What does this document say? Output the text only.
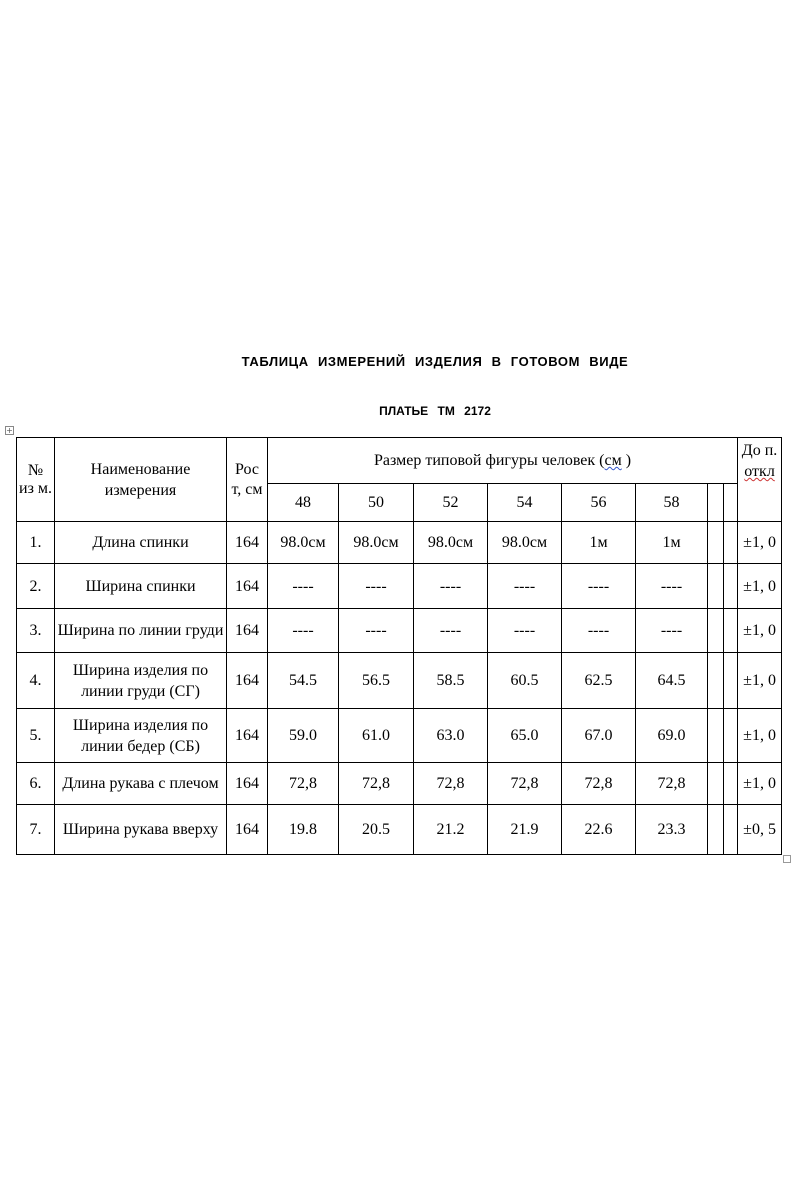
ТАБЛИЦА ИЗМЕРЕНИЙ ИЗДЕЛИЯ В ГОТОВОМ ВИДЕ
ПЛАТЬЕ ТМ 2172
+
№ из м.	Наименование измерения	Рос т, см	Размер типовой фигуры человек (см )								До п.
откл
			48	50	52	54	56	58			
1.	Длина спинки	164	98.0см	98.0см	98.0см	98.0см	1м	1м			±1, 0
2.	Ширина спинки	164	----	----	----	----	----	----			±1, 0
3.	Ширина по линии груди	164	----	----	----	----	----	----			±1, 0
4.	Ширина изделия по линии груди (СГ)	164	54.5	56.5	58.5	60.5	62.5	64.5			±1, 0
5.	Ширина изделия по линии бедер (СБ)	164	59.0	61.0	63.0	65.0	67.0	69.0			±1, 0
6.	Длина рукава с плечом	164	72,8	72,8	72,8	72,8	72,8	72,8			±1, 0
7.	Ширина рукава вверху	164	19.8	20.5	21.2	21.9	22.6	23.3			±0, 5
